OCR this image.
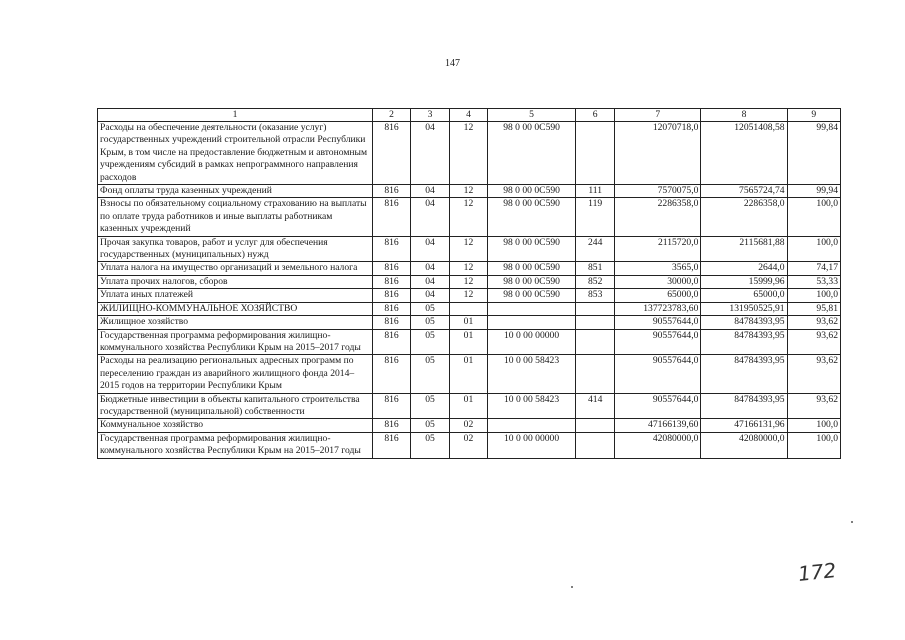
147
1	2	3	4	5	6	7	8	9
Расходы на обеспечение деятельности (оказание услуг) государственных учреждений строительной отрасли Республики Крым, в том числе на предоставление бюджетным и автономным учреждениям субсидий в рамках непрограммного направления расходов	816	04	12	98 0 00 0С590		12070718,0	12051408,58	99,84
Фонд оплаты труда казенных учреждений	816	04	12	98 0 00 0С590	111	7570075,0	7565724,74	99,94
Взносы по обязательному социальному страхованию на выплаты по оплате труда работников и иные выплаты работникам казенных учреждений	816	04	12	98 0 00 0С590	119	2286358,0	2286358,0	100,0
Прочая закупка товаров, работ и услуг для обеспечения государственных (муниципальных) нужд	816	04	12	98 0 00 0С590	244	2115720,0	2115681,88	100,0
Уплата налога на имущество организаций и земельного налога	816	04	12	98 0 00 0С590	851	3565,0	2644,0	74,17
Уплата прочих налогов, сборов	816	04	12	98 0 00 0С590	852	30000,0	15999,96	53,33
Уплата иных платежей	816	04	12	98 0 00 0С590	853	65000,0	65000,0	100,0
ЖИЛИЩНО-КОММУНАЛЬНОЕ ХОЗЯЙСТВО	816	05				137723783,60	131950525,91	95,81
Жилищное хозяйство	816	05	01			90557644,0	84784393,95	93,62
Государственная программа реформирования жилищно-коммунального хозяйства Республики Крым на 2015–2017 годы	816	05	01	10 0 00 00000		90557644,0	84784393,95	93,62
Расходы на реализацию региональных адресных программ по переселению граждан из аварийного жилищного фонда 2014–2015 годов на территории Республики Крым	816	05	01	10 0 00 58423		90557644,0	84784393,95	93,62
Бюджетные инвестиции в объекты капитального строительства государственной (муниципальной) собственности	816	05	01	10 0 00 58423	414	90557644,0	84784393,95	93,62
Коммунальное хозяйство	816	05	02			47166139,60	47166131,96	100,0
Государственная программа реформирования жилищно-коммунального хозяйства Республики Крым на 2015–2017 годы	816	05	02	10 0 00 00000		42080000,0	42080000,0	100,0
172
